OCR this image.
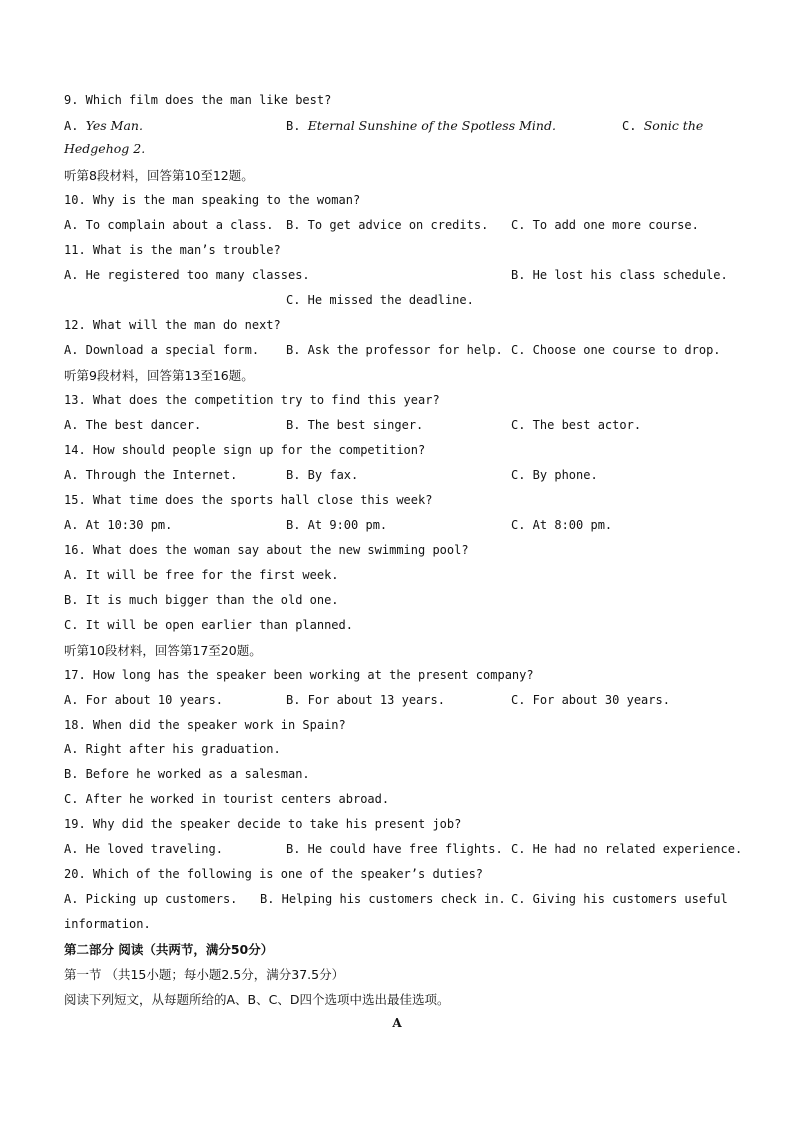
9. Which film does the man like best?
A. Yes Man.	B. Eternal Sunshine of the Spotless Mind.	C. Sonic the
Hedgehog 2.
听第8段材料，回答第10至12题。
10. Why is the man speaking to the woman?
A. To complain about a class. B. To get advice on credits. C. To add one more course.
11. What is the man’s trouble?
A. He registered too many classes.	B. He lost his class schedule.
C. He missed the deadline.
12. What will the man do next?
A. Download a special form. B. Ask the professor for help. C. Choose one course to drop.
听第9段材料，回答第13至16题。
13. What does the competition try to find this year?
A. The best dancer.	B. The best singer.	C. The best actor.
14. How should people sign up for the competition?
A. Through the Internet.	B. By fax.	C. By phone.
15. What time does the sports hall close this week?
A. At 10:30 pm.	B. At 9:00 pm.	C. At 8:00 pm.
16. What does the woman say about the new swimming pool?
A. It will be free for the first week.
B. It is much bigger than the old one.
C. It will be open earlier than planned.
听第10段材料，回答第17至20题。
17. How long has the speaker been working at the present company?
A. For about 10 years.	B. For about 13 years.	C. For about 30 years.
18. When did the speaker work in Spain?
A. Right after his graduation.
B. Before he worked as a salesman.
C. After he worked in tourist centers abroad.
19. Why did the speaker decide to take his present job?
A. He loved traveling.	B. He could have free flights. C. He had no related experience.
20. Which of the following is one of the speaker’s duties?
A. Picking up customers. B. Helping his customers check in. C. Giving his customers useful
information.
第二部分 阅读（共两节，满分50分）
第一节 （共15小题；每小题2.5分，满分37.5分）
阅读下列短文，从每题所给的A、B、C、D四个选项中选出最佳选项。
A
